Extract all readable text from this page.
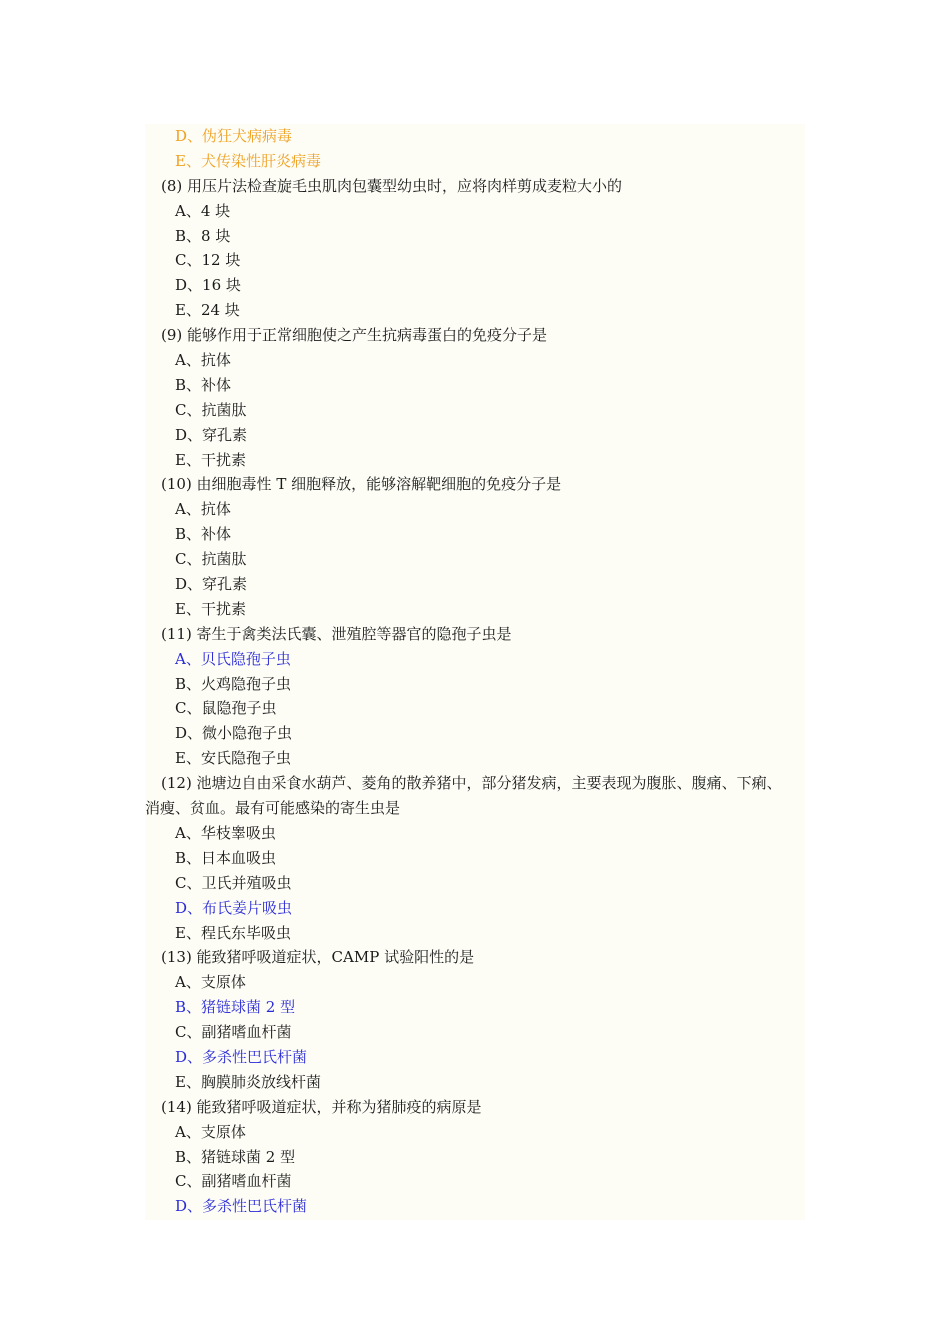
D、伪狂犬病病毒
E、犬传染性肝炎病毒
(8) 用压片法检查旋毛虫肌肉包囊型幼虫时，应将肉样剪成麦粒大小的
A、4 块
B、8 块
C、12 块
D、16 块
E、24 块
(9) 能够作用于正常细胞使之产生抗病毒蛋白的免疫分子是
A、抗体
B、补体
C、抗菌肽
D、穿孔素
E、干扰素
(10) 由细胞毒性 T 细胞释放，能够溶解靶细胞的免疫分子是
A、抗体
B、补体
C、抗菌肽
D、穿孔素
E、干扰素
(11) 寄生于禽类法氏囊、泄殖腔等器官的隐孢子虫是
A、贝氏隐孢子虫
B、火鸡隐孢子虫
C、鼠隐孢子虫
D、微小隐孢子虫
E、安氏隐孢子虫
(12) 池塘边自由采食水葫芦、菱角的散养猪中，部分猪发病，主要表现为腹胀、腹痛、下痢、
消瘦、贫血。最有可能感染的寄生虫是
A、华枝睾吸虫
B、日本血吸虫
C、卫氏并殖吸虫
D、布氏姜片吸虫
E、程氏东毕吸虫
(13) 能致猪呼吸道症状，CAMP 试验阳性的是
A、支原体
B、猪链球菌 2 型
C、副猪嗜血杆菌
D、多杀性巴氏杆菌
E、胸膜肺炎放线杆菌
(14) 能致猪呼吸道症状，并称为猪肺疫的病原是
A、支原体
B、猪链球菌 2 型
C、副猪嗜血杆菌
D、多杀性巴氏杆菌
